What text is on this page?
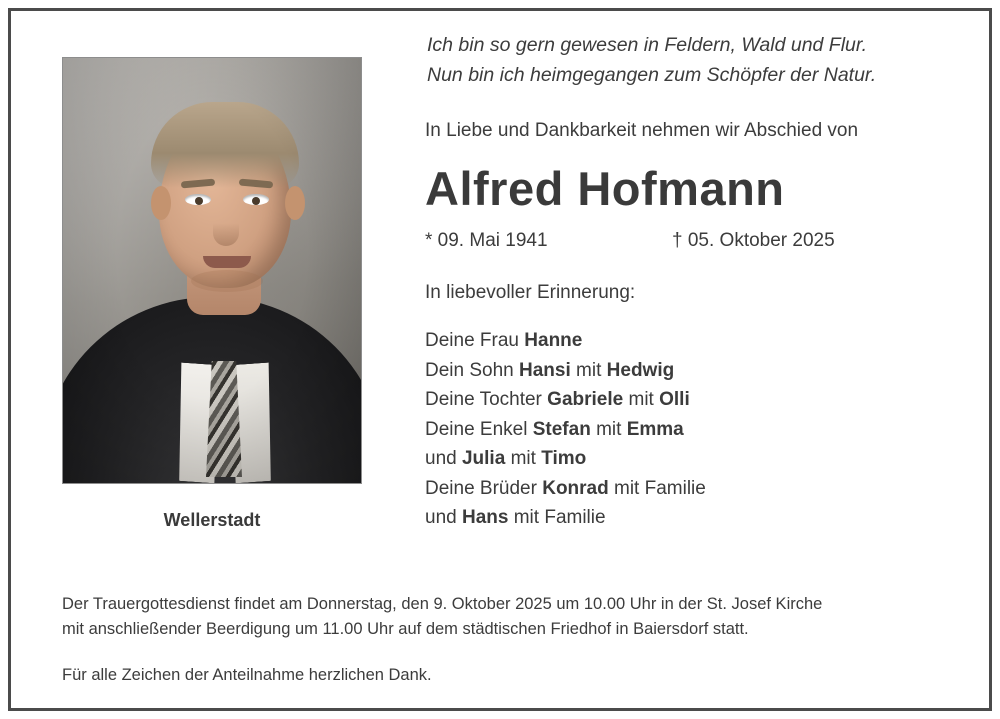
Wellerstadt
Ich bin so gern gewesen in Feldern, Wald und Flur.
Nun bin ich heimgegangen zum Schöpfer der Natur.
In Liebe und Dankbarkeit nehmen wir Abschied von
Alfred Hofmann
* 09. Mai 1941	† 05. Oktober 2025
In liebevoller Erinnerung:
Deine Frau Hanne
Dein Sohn Hansi mit Hedwig
Deine Tochter Gabriele mit Olli
Deine Enkel Stefan mit Emma
und Julia mit Timo
Deine Brüder Konrad mit Familie
und Hans mit Familie
Der Trauergottesdienst findet am Donnerstag, den 9. Oktober 2025 um 10.00 Uhr in der St. Josef Kirche
mit anschließender Beerdigung um 11.00 Uhr auf dem städtischen Friedhof in Baiersdorf statt.
Für alle Zeichen der Anteilnahme herzlichen Dank.
